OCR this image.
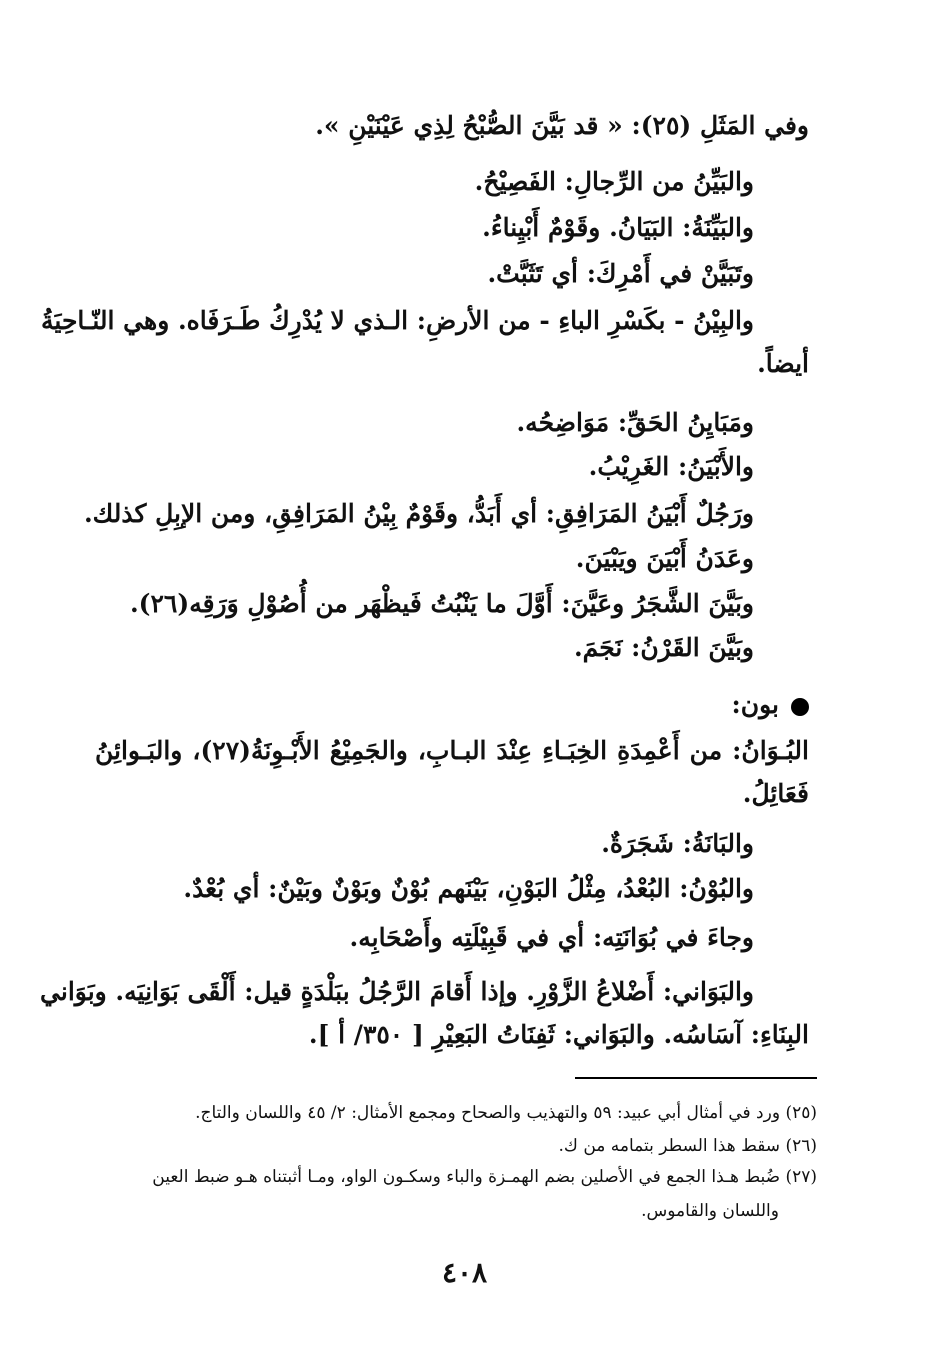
وفي المَثَلِ (٢٥): « قد بَيَّنَ الصُّبْحُ لِذِي عَيْنَيْنِ ».
والبَيِّنُ من الرِّجالِ: الفَصِيْحُ.
والبَيِّنَةُ: البَيَانُ. وقَوْمٌ أَبْيِناءُ.
وتَبَيَّنْ في أَمْرِكَ: أي تَثَبَّتْ.
والبِيْنُ - بكَسْرِ الباءِ - من الأرضِ: الـذي لا يُدْرِكُ طَـرَفَاه. وهي النّـاحِيَةُ
أيضاً.
ومَبَايِنُ الحَقِّ: مَوَاضِحُه.
والأَبْيَنُ: الغَرِيْبُ.
ورَجُلٌ أَبْيَنُ المَرَافِقِ: أي أَبَدُّ، وقَوْمٌ بِيْنُ المَرَافِقِ، ومن الإبِلِ كذلك.
وعَدَنُ أَبْيَنَ ويَبْيَنَ.
وبَيَّنَ الشَّجَرُ وعَيَّنَ: أَوَّلَ ما يَنْبُتُ فَيظْهَر من أُصُوْلِ وَرَقِه(٢٦).
وبَيَّنَ القَرْنُ: نَجَمَ.
بون:
البُـوَانُ: من أَعْمِدَةِ الخِبَـاءِ عِنْدَ البـابِ، والجَمِيْعُ الأَبْـوِنَةُ(٢٧)، والبَـوائِنُ
فَعَائِلُ.
والبَانَةُ: شَجَرَةٌ.
والبُوْنُ: البُعْدُ، مِثْلُ البَوْنِ، بَيْنَهم بُوْنٌ وبَوْنٌ وبَيْنٌ: أي بُعْدٌ.
وجاءَ في بُوَانَتِه: أي في قَبِيْلَتِه وأَصْحَابِه.
والبَوَاني: أَضْلاعُ الزَّوْرِ. وإذا أَقامَ الرَّجُلُ ببَلْدَةٍ قيل: أَلْقَى بَوَانِيَه. وبَوَاني
البِنَاءِ: آسَاسُه. والبَوَاني: ثَفِنَاتُ البَعِيْرِ [ ٣٥٠/ أ ].
(٢٥) ورد في أمثال أبي عبيد: ٥٩ والتهذيب والصحاح ومجمع الأمثال: ٢/ ٤٥ واللسان والتاج.
(٢٦) سقط هذا السطر بتمامه من ك.
(٢٧) ضُبط هـذا الجمع في الأصلين بضم الهمـزة والباء وسكـون الواو، ومـا أثبتناه هـو ضبط العين
واللسان والقاموس.
٤٠٨
